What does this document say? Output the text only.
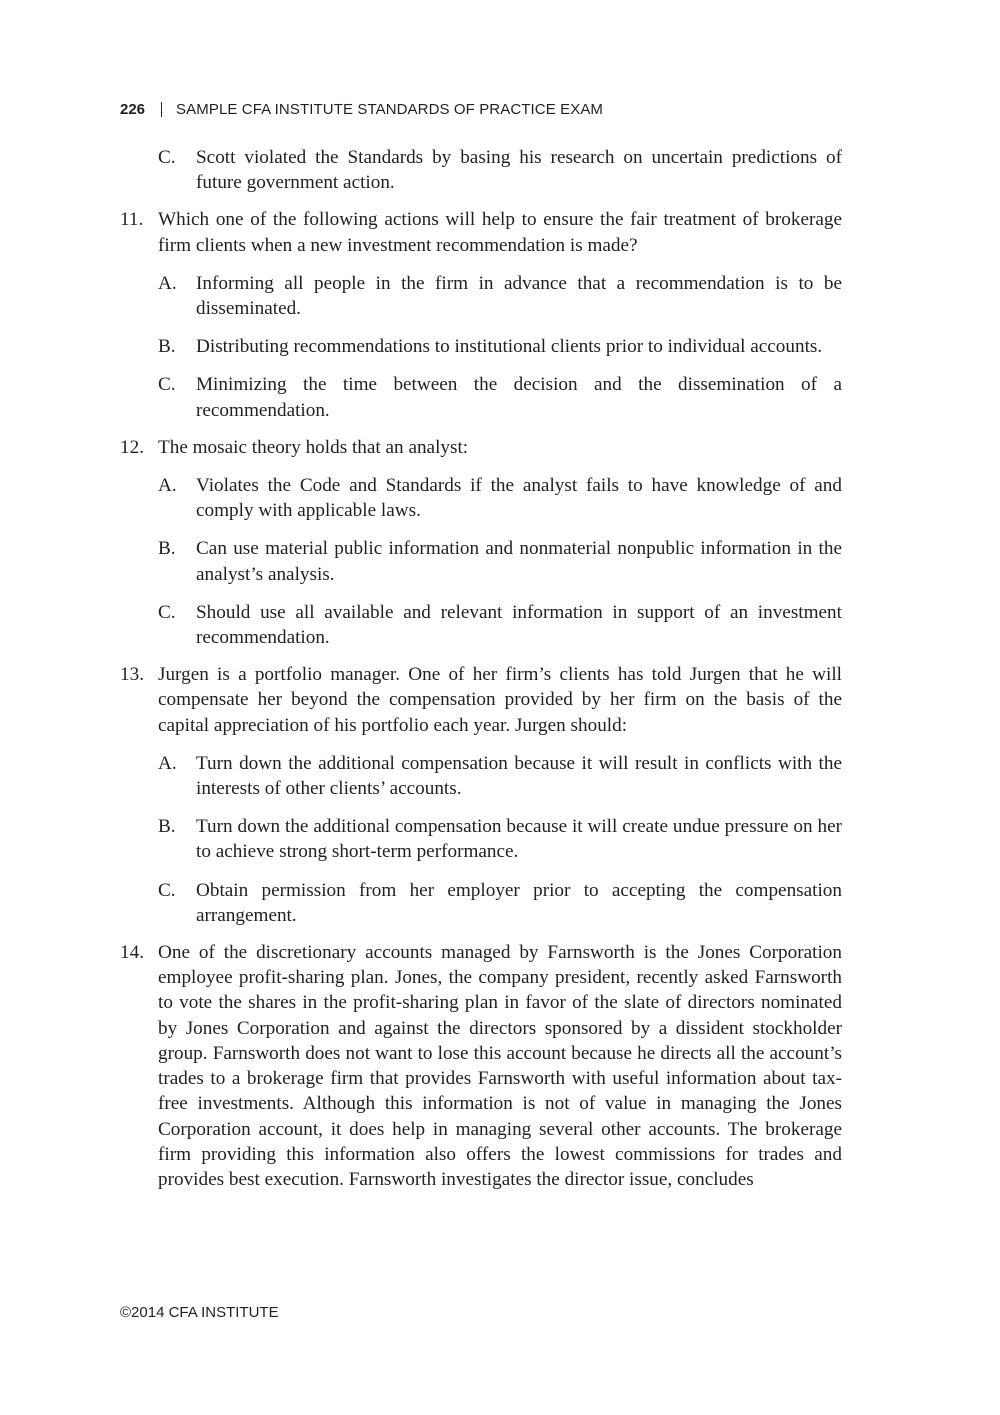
226 SAMPLE CFA INSTITUTE STANDARDS OF PRACTICE EXAM
C.	Scott violated the Standards by basing his research on uncertain predictions of future government action.
11. Which one of the following actions will help to ensure the fair treatment of brokerage firm clients when a new investment recommendation is made?
A.	Informing all people in the firm in advance that a recommendation is to be disseminated.
B.	Distributing recommendations to institutional clients prior to individual accounts.
C.	Minimizing the time between the decision and the dissemination of a recommendation.
12. The mosaic theory holds that an analyst:
A.	Violates the Code and Standards if the analyst fails to have knowledge of and comply with applicable laws.
B.	Can use material public information and nonmaterial nonpublic information in the analyst’s analysis.
C.	Should use all available and relevant information in support of an investment recommendation.
13. Jurgen is a portfolio manager. One of her firm’s clients has told Jurgen that he will compensate her beyond the compensation provided by her firm on the basis of the capital appreciation of his portfolio each year. Jurgen should:
A.	Turn down the additional compensation because it will result in conflicts with the interests of other clients’ accounts.
B.	Turn down the additional compensation because it will create undue pressure on her to achieve strong short-term performance.
C.	Obtain permission from her employer prior to accepting the compensation arrangement.
14. One of the discretionary accounts managed by Farnsworth is the Jones Corporation employee profit-sharing plan. Jones, the company president, recently asked Farnsworth to vote the shares in the profit-sharing plan in favor of the slate of directors nominated by Jones Corporation and against the directors sponsored by a dissident stockholder group. Farnsworth does not want to lose this account because he directs all the account’s trades to a brokerage firm that provides Farnsworth with useful information about tax-free investments. Although this information is not of value in managing the Jones Corporation account, it does help in managing several other accounts. The brokerage firm providing this information also offers the lowest commissions for trades and provides best execution. Farnsworth investigates the director issue, concludes
©2014 CFA INSTITUTE
